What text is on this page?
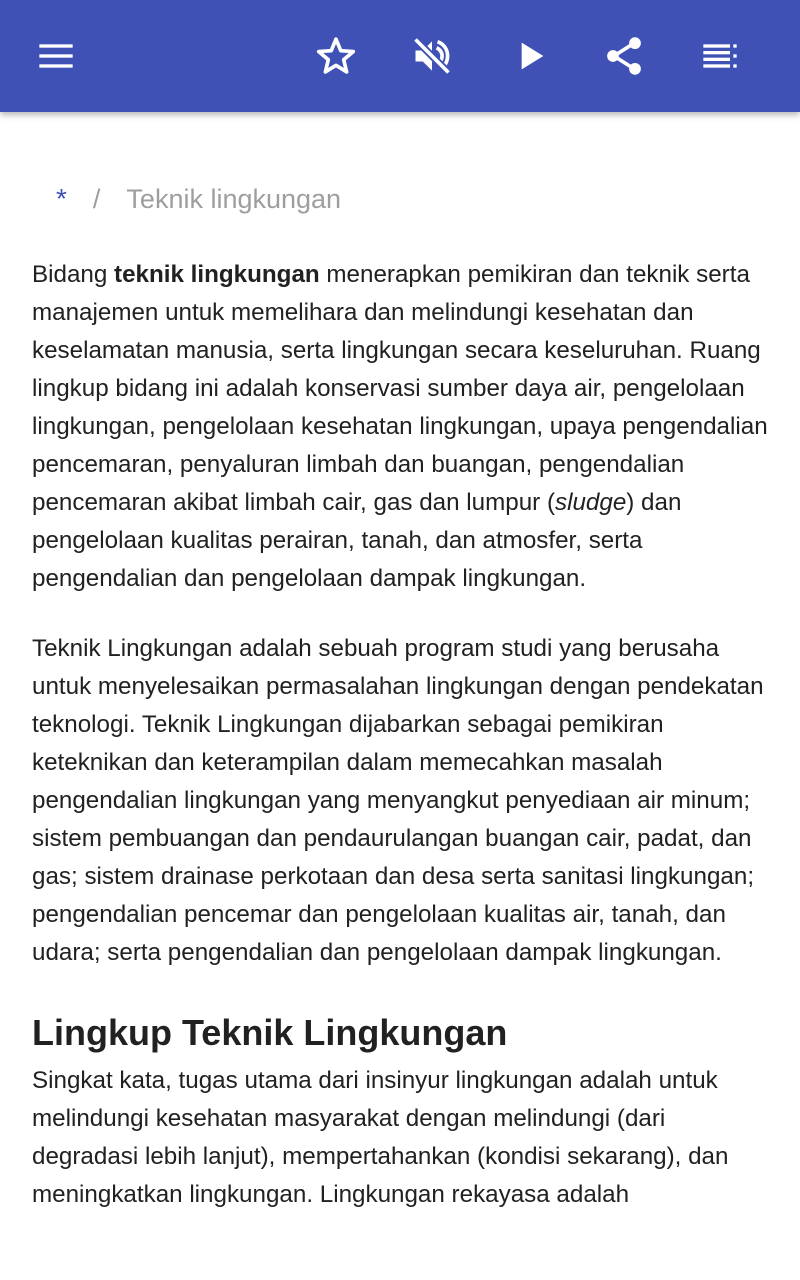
* / Teknik lingkungan

Bidang teknik lingkungan menerapkan pemikiran dan teknik serta manajemen untuk memelihara dan melindungi kesehatan dan keselamatan manusia, serta lingkungan secara keseluruhan. Ruang lingkup bidang ini adalah konservasi sumber daya air, pengelolaan lingkungan, pengelolaan kesehatan lingkungan, upaya pengendalian pencemaran, penyaluran limbah dan buangan, pengendalian pencemaran akibat limbah cair, gas dan lumpur (sludge) dan pengelolaan kualitas perairan, tanah, dan atmosfer, serta pengendalian dan pengelolaan dampak lingkungan.

Teknik Lingkungan adalah sebuah program studi yang berusaha untuk menyelesaikan permasalahan lingkungan dengan pendekatan teknologi. Teknik Lingkungan dijabarkan sebagai pemikiran keteknikan dan keterampilan dalam memecahkan masalah pengendalian lingkungan yang menyangkut penyediaan air minum; sistem pembuangan dan pendaurulangan buangan cair, padat, dan gas; sistem drainase perkotaan dan desa serta sanitasi lingkungan; pengendalian pencemar dan pengelolaan kualitas air, tanah, dan udara; serta pengendalian dan pengelolaan dampak lingkungan.

Lingkup Teknik Lingkungan

Singkat kata, tugas utama dari insinyur lingkungan adalah untuk melindungi kesehatan masyarakat dengan melindungi (dari degradasi lebih lanjut), mempertahankan (kondisi sekarang), dan meningkatkan lingkungan. Lingkungan rekayasa adalah
